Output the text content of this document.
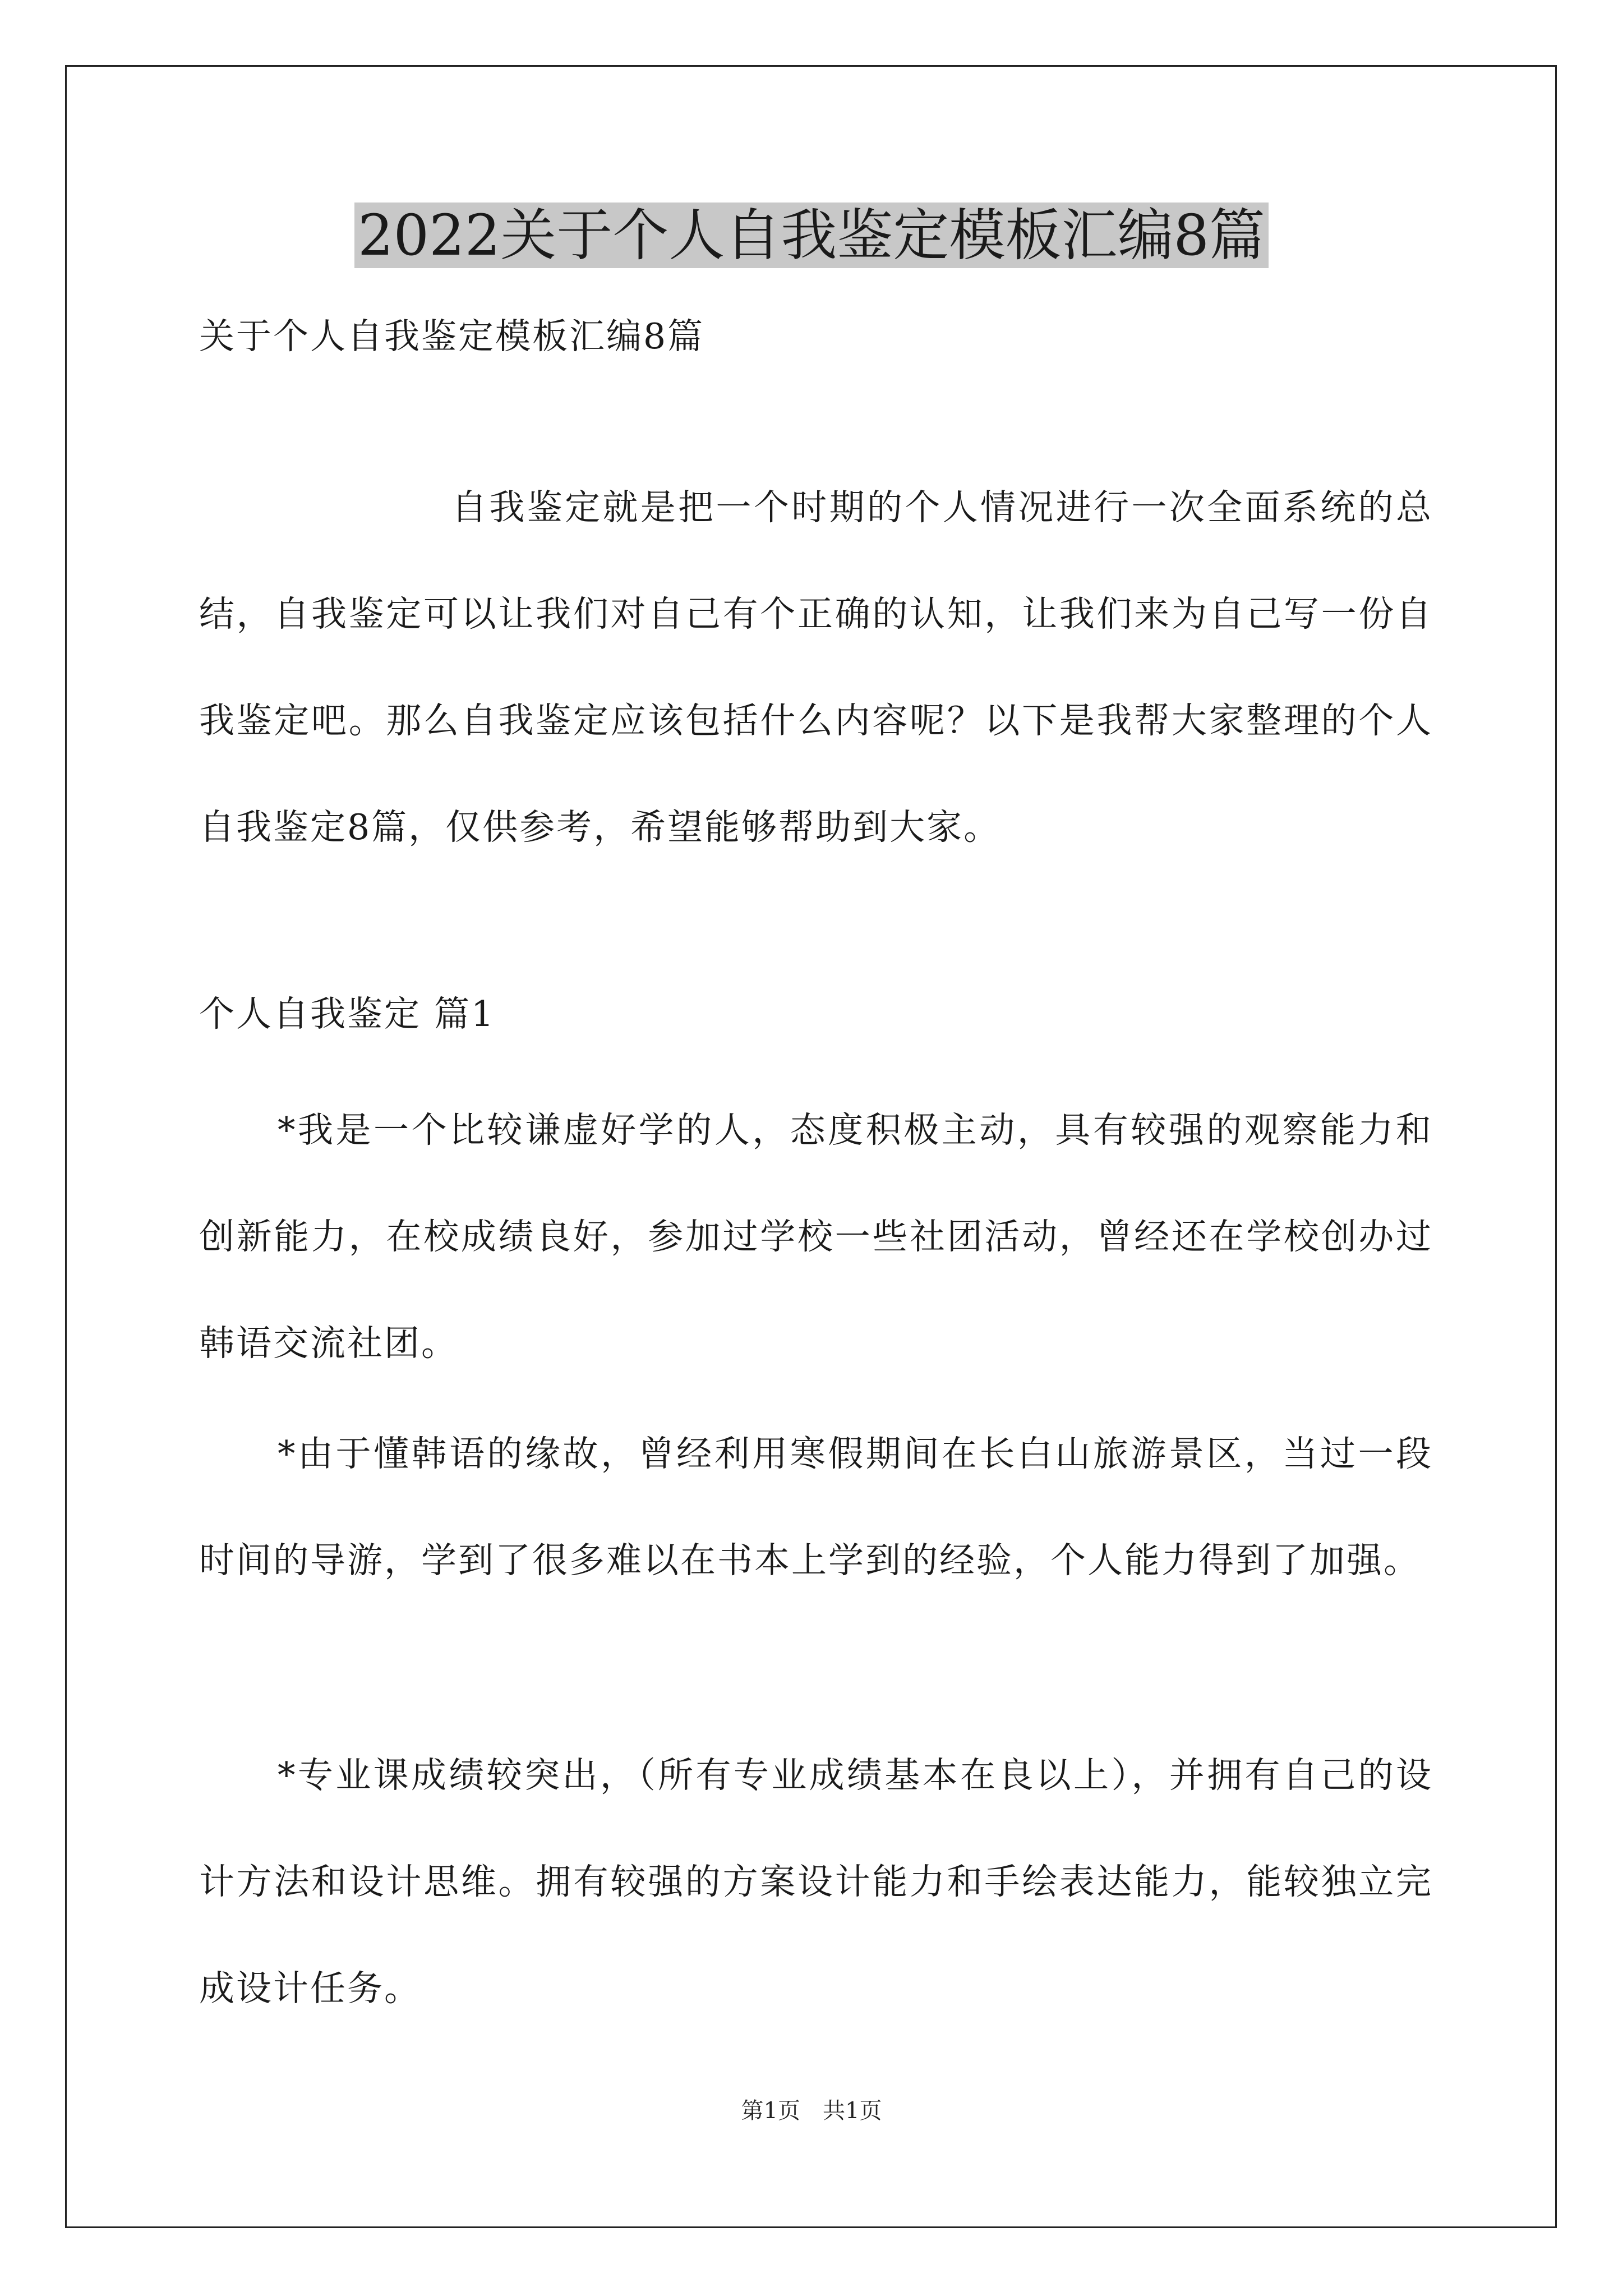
2022关于个人自我鉴定模板汇编8篇

关于个人自我鉴定模板汇编8篇

自我鉴定就是把一个时期的个人情况进行一次全面系统的总结，自我鉴定可以让我们对自己有个正确的认知，让我们来为自己写一份自我鉴定吧。那么自我鉴定应该包括什么内容呢？以下是我帮大家整理的个人自我鉴定8篇，仅供参考，希望能够帮助到大家。

个人自我鉴定 篇1

*我是一个比较谦虚好学的人，态度积极主动，具有较强的观察能力和创新能力，在校成绩良好，参加过学校一些社团活动，曾经还在学校创办过韩语交流社团。

*由于懂韩语的缘故，曾经利用寒假期间在长白山旅游景区，当过一段时间的导游，学到了很多难以在书本上学到的经验，个人能力得到了加强。

*专业课成绩较突出，（所有专业成绩基本在良以上），并拥有自己的设计方法和设计思维。拥有较强的方案设计能力和手绘表达能力，能较独立完成设计任务。

第1页　共1页
